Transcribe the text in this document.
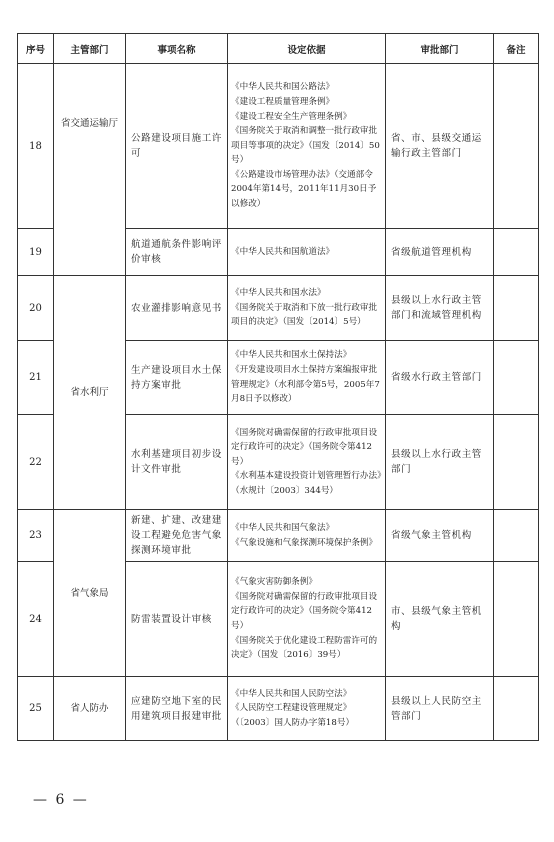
序号	主管部门	事项名称	设定依据	审批部门	备注
18	省交通运输厅	公路建设项目施工许可	《中华人民共和国公路法》
《建设工程质量管理条例》
《建设工程安全生产管理条例》
《国务院关于取消和调整一批行政审批项目等事项的决定》（国发〔2014〕50号）
《公路建设市场管理办法》（交通部令2004年第14号，2011年11月30日予以修改）	省、市、县级交通运输行政主管部门	
19		航道通航条件影响评价审核	《中华人民共和国航道法》	省级航道管理机构	
20	省水利厅	农业灌排影响意见书	《中华人民共和国水法》
《国务院关于取消和下放一批行政审批项目的决定》（国发〔2014〕5号）	县级以上水行政主管部门和流域管理机构	
21		生产建设项目水土保持方案审批	《中华人民共和国水土保持法》
《开发建设项目水土保持方案编报审批管理规定》（水利部令第5号，2005年7月8日予以修改）	省级水行政主管部门	
22		水利基建项目初步设计文件审批	《国务院对确需保留的行政审批项目设定行政许可的决定》（国务院令第412号）
《水利基本建设投资计划管理暂行办法》（水规计〔2003〕344号）	县级以上水行政主管部门	
23	省气象局	新建、扩建、改建建设工程避免危害气象探测环境审批	《中华人民共和国气象法》
《气象设施和气象探测环境保护条例》	省级气象主管机构	
24		防雷装置设计审核	《气象灾害防御条例》
《国务院对确需保留的行政审批项目设定行政许可的决定》（国务院令第412号）
《国务院关于优化建设工程防雷许可的决定》（国发〔2016〕39号）	市、县级气象主管机构	
25	省人防办	应建防空地下室的民用建筑项目报建审批	《中华人民共和国人民防空法》
《人民防空工程建设管理规定》（〔2003〕国人防办字第18号）	县级以上人民防空主管部门	
— 6 —
